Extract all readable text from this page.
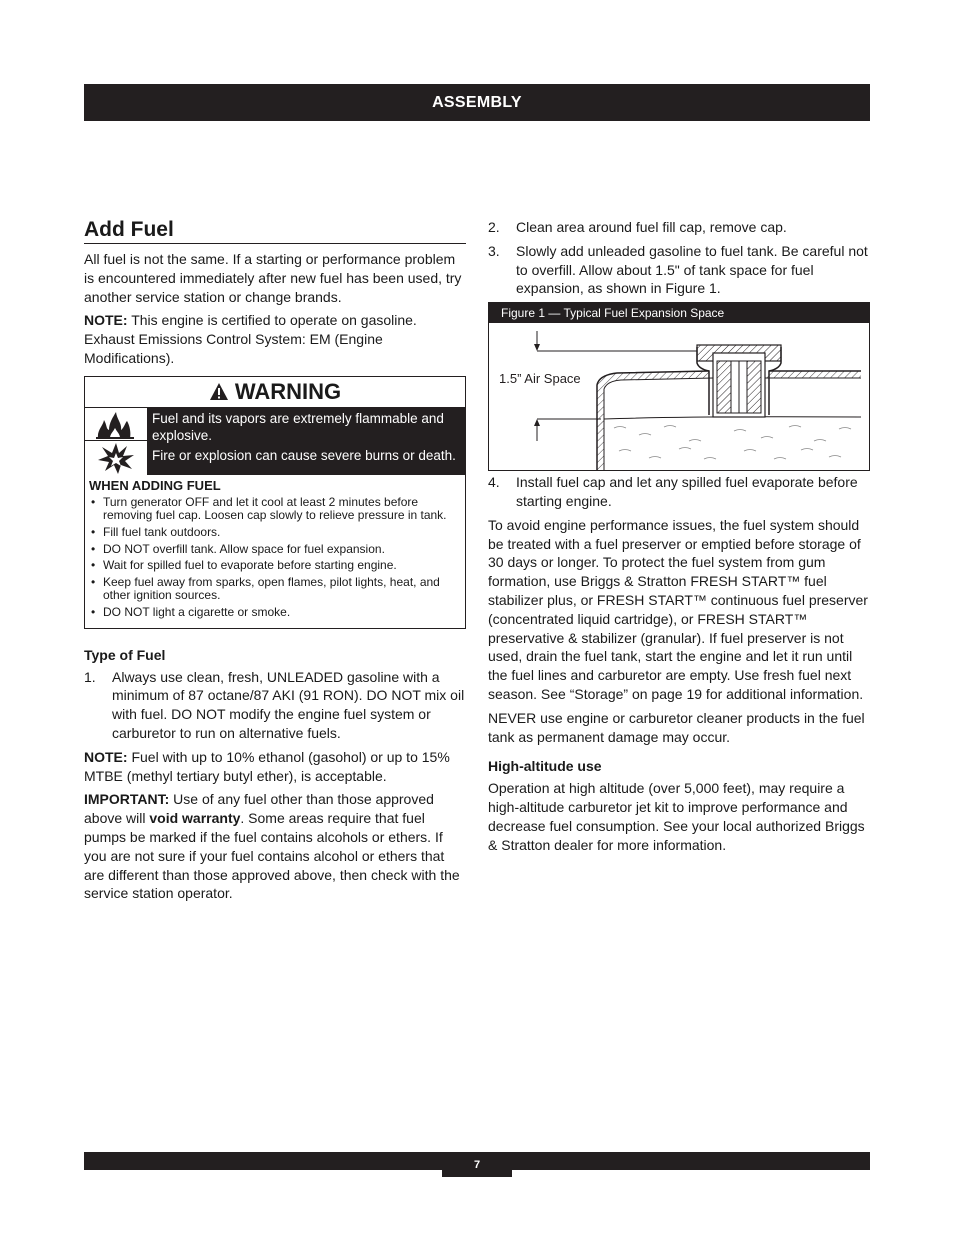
ASSEMBLY
Add Fuel

All fuel is not the same. If a starting or performance problem is encountered immediately after new fuel has been used, try another service station or change brands.

NOTE: This engine is certified to operate on gasoline. Exhaust Emissions Control System: EM (Engine Modifications).

WARNING
Fuel and its vapors are extremely flammable and explosive.
Fire or explosion can cause severe burns or death.
WHEN ADDING FUEL
• Turn generator OFF and let it cool at least 2 minutes before removing fuel cap. Loosen cap slowly to relieve pressure in tank.
• Fill fuel tank outdoors.
• DO NOT overfill tank. Allow space for fuel expansion.
• Wait for spilled fuel to evaporate before starting engine.
• Keep fuel away from sparks, open flames, pilot lights, heat, and other ignition sources.
• DO NOT light a cigarette or smoke.
Type of Fuel
1. Always use clean, fresh, UNLEADED gasoline with a minimum of 87 octane/87 AKI (91 RON). DO NOT mix oil with fuel. DO NOT modify the engine fuel system or carburetor to run on alternative fuels.

NOTE: Fuel with up to 10% ethanol (gasohol) or up to 15% MTBE (methyl tertiary butyl ether), is acceptable.

IMPORTANT: Use of any fuel other than those approved above will void warranty. Some areas require that fuel pumps be marked if the fuel contains alcohols or ethers. If you are not sure if your fuel contains alcohol or ethers that are different than those approved above, then check with the service station operator.

2. Clean area around fuel fill cap, remove cap.
3. Slowly add unleaded gasoline to fuel tank. Be careful not to overfill. Allow about 1.5" of tank space for fuel expansion, as shown in Figure 1.
Figure 1 — Typical Fuel Expansion Space
1.5” Air Space
4. Install fuel cap and let any spilled fuel evaporate before starting engine.

To avoid engine performance issues, the fuel system should be treated with a fuel preserver or emptied before storage of 30 days or longer. To protect the fuel system from gum formation, use Briggs & Stratton FRESH START™ fuel stabilizer plus, or FRESH START™ continuous fuel preserver (concentrated liquid cartridge), or FRESH START™ preservative & stabilizer (granular). If fuel preserver is not used, drain the fuel tank, start the engine and let it run until the fuel lines and carburetor are empty. Use fresh fuel next season. See “Storage” on page 19 for additional information.

NEVER use engine or carburetor cleaner products in the fuel tank as permanent damage may occur.

High-altitude use

Operation at high altitude (over 5,000 feet), may require a high-altitude carburetor jet kit to improve performance and decrease fuel consumption. See your local authorized Briggs & Stratton dealer for more information.

7
